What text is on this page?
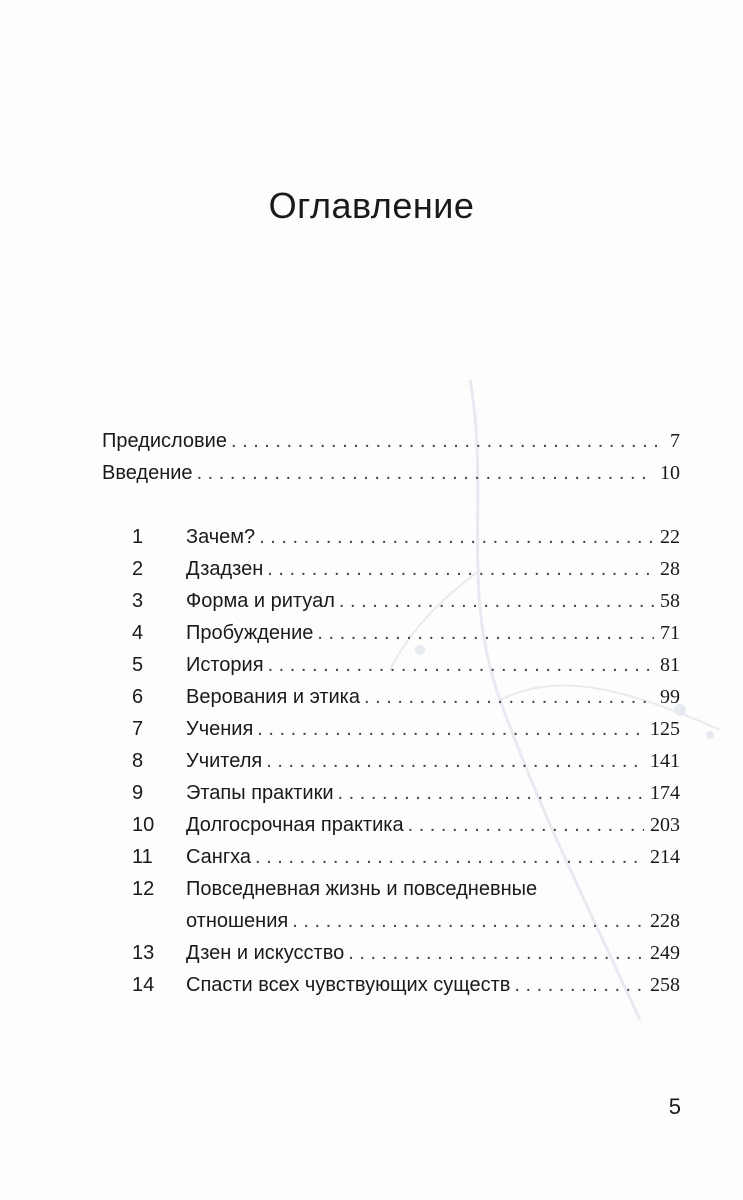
Оглавление
Предисловие . . .	7
Введение . . .	10
1	Зачем? . . .	22
2	Дзадзен . . .	28
3	Форма и ритуал . . .	58
4	Пробуждение . . .	71
5	История . . .	81
6	Верования и этика . . .	99
7	Учения . . .	125
8	Учителя . . .	141
9	Этапы практики . . .	174
10	Долгосрочная практика . . .	203
11	Сангха . . .	214
12	Повседневная жизнь и повседневные
отношения . . .	228
13	Дзен и искусство . . .	249
14	Спасти всех чувствующих существ . . .	258
5
